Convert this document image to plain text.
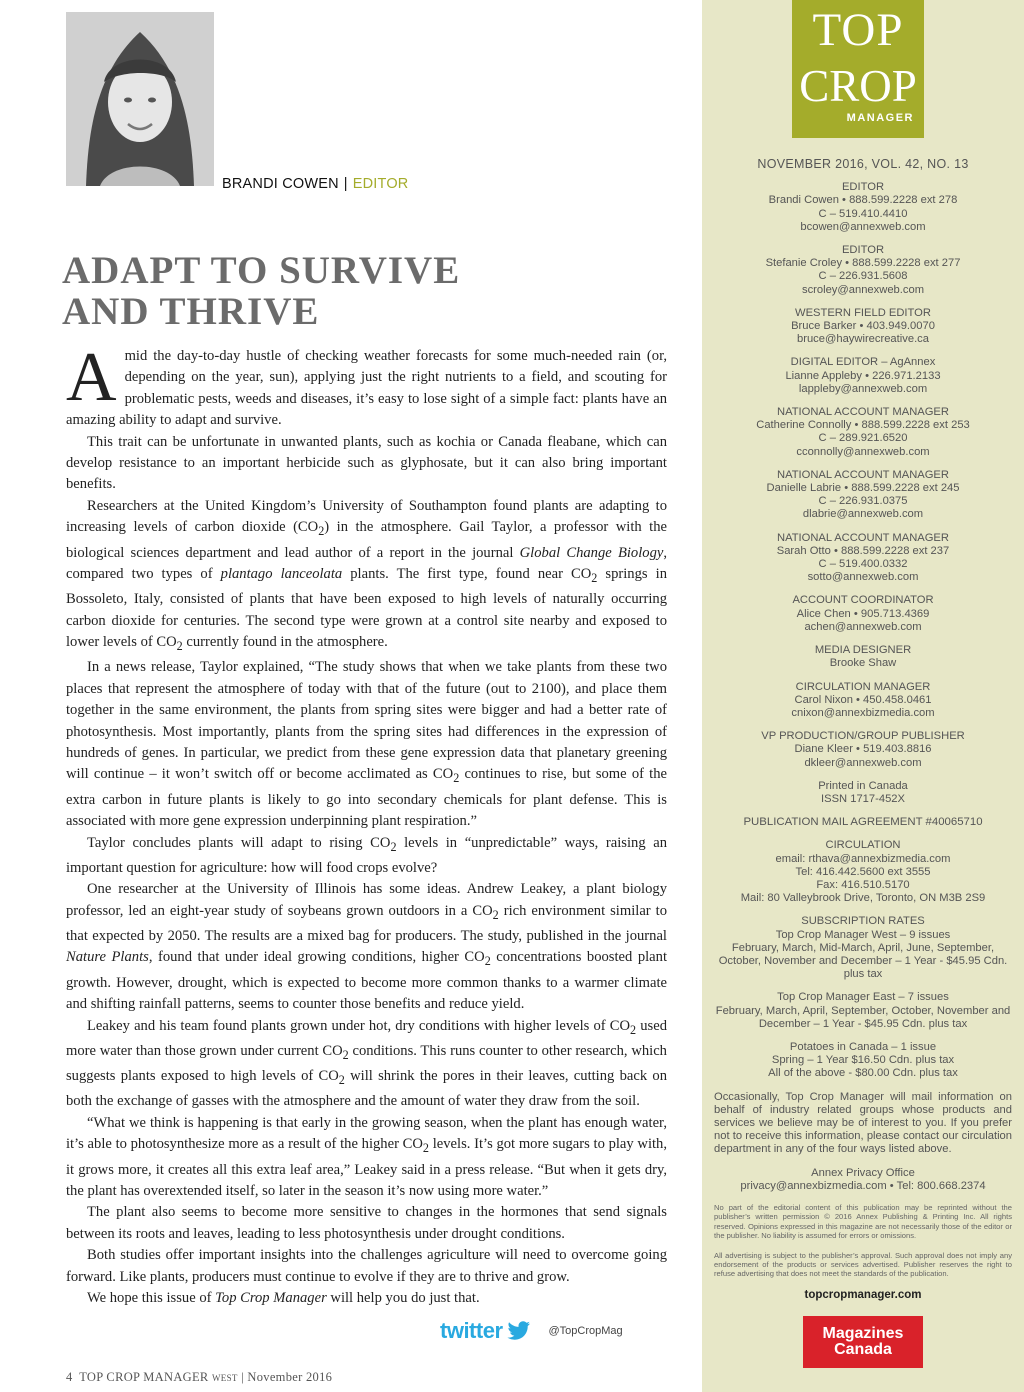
BRANDI COWEN | EDITOR
ADAPT TO SURVIVE
AND THRIVE

Amid the day-to-day hustle of checking weather forecasts for some much-needed rain (or, depending on the year, sun), applying just the right nutrients to a field, and scouting for problematic pests, weeds and diseases, it’s easy to lose sight of a simple fact: plants have an amazing ability to adapt and survive.

This trait can be unfortunate in unwanted plants, such as kochia or Canada fleabane, which can develop resistance to an important herbicide such as glyphosate, but it can also bring important benefits.

Researchers at the United Kingdom’s University of Southampton found plants are adapting to increasing levels of carbon dioxide $(CO_2)$ in the atmosphere. Gail Taylor, a professor with the biological sciences department and lead author of a report in the journal Global Change Biology, compared two types of plantago lanceolata plants. The first type, found near $CO_2$ springs in Bossoleto, Italy, consisted of plants that have been exposed to high levels of naturally occurring carbon dioxide for centuries. The second type were grown at a control site nearby and exposed to lower levels of $CO_2$ currently found in the atmosphere.

In a news release, Taylor explained, “The study shows that when we take plants from these two places that represent the atmosphere of today with that of the future (out to 2100), and place them together in the same environment, the plants from spring sites were bigger and had a better rate of photosynthesis. Most importantly, plants from the spring sites had differences in the expression of hundreds of genes. In particular, we predict from these gene expression data that planetary greening will continue – it won’t switch off or become acclimated as $CO_2$ continues to rise, but some of the extra carbon in future plants is likely to go into secondary chemicals for plant defense. This is associated with more gene expression underpinning plant respiration.”

Taylor concludes plants will adapt to rising $CO_2$ levels in “unpredictable” ways, raising an important question for agriculture: how will food crops evolve?

One researcher at the University of Illinois has some ideas. Andrew Leakey, a plant biology professor, led an eight-year study of soybeans grown outdoors in a $CO_2$ rich environment similar to that expected by 2050. The results are a mixed bag for producers. The study, published in the journal Nature Plants, found that under ideal growing conditions, higher $CO_2$ concentrations boosted plant growth. However, drought, which is expected to become more common thanks to a warmer climate and shifting rainfall patterns, seems to counter those benefits and reduce yield.

Leakey and his team found plants grown under hot, dry conditions with higher levels of $CO_2$ used more water than those grown under current $CO_2$ conditions. This runs counter to other research, which suggests plants exposed to high levels of $CO_2$ will shrink the pores in their leaves, cutting back on both the exchange of gasses with the atmosphere and the amount of water they draw from the soil.

“What we think is happening is that early in the growing season, when the plant has enough water, it’s able to photosynthesize more as a result of the higher $CO_2$ levels. It’s got more sugars to play with, it grows more, it creates all this extra leaf area,” Leakey said in a press release. “But when it gets dry, the plant has overextended itself, so later in the season it’s now using more water.”

The plant also seems to become more sensitive to changes in the hormones that send signals between its roots and leaves, leading to less photosynthesis under drought conditions.

Both studies offer important insights into the challenges agriculture will need to overcome going forward. Like plants, producers must continue to evolve if they are to thrive and grow.

We hope this issue of Top Crop Manager will help you do just that.

twitter	@TopCropMag
4 TOP CROP MANAGER WEST | November 2016
TOP
CROP
MANAGER
NOVEMBER 2016, VOL. 42, NO. 13
EDITOR
Brandi Cowen • 888.599.2228 ext 278
C – 519.410.4410
bcowen@annexweb.com
EDITOR
Stefanie Croley • 888.599.2228 ext 277
C – 226.931.5608
scroley@annexweb.com
WESTERN FIELD EDITOR
Bruce Barker • 403.949.0070
bruce@haywirecreative.ca
DIGITAL EDITOR – AgAnnex
Lianne Appleby • 226.971.2133
lappleby@annexweb.com
NATIONAL ACCOUNT MANAGER
Catherine Connolly • 888.599.2228 ext 253
C – 289.921.6520
cconnolly@annexweb.com
NATIONAL ACCOUNT MANAGER
Danielle Labrie • 888.599.2228 ext 245
C – 226.931.0375
dlabrie@annexweb.com
NATIONAL ACCOUNT MANAGER
Sarah Otto • 888.599.2228 ext 237
C – 519.400.0332
sotto@annexweb.com
ACCOUNT COORDINATOR
Alice Chen • 905.713.4369
achen@annexweb.com
MEDIA DESIGNER
Brooke Shaw
CIRCULATION MANAGER
Carol Nixon • 450.458.0461
cnixon@annexbizmedia.com
VP PRODUCTION/GROUP PUBLISHER
Diane Kleer • 519.403.8816
dkleer@annexweb.com
Printed in Canada
ISSN 1717-452X
PUBLICATION MAIL AGREEMENT #40065710
CIRCULATION
email: rthava@annexbizmedia.com
Tel: 416.442.5600 ext 3555
Fax: 416.510.5170
Mail: 80 Valleybrook Drive, Toronto, ON M3B 2S9
SUBSCRIPTION RATES
Top Crop Manager West – 9 issues
February, March, Mid-March, April, June, September, October, November and December – 1 Year - $45.95 Cdn. plus tax
Top Crop Manager East – 7 issues
February, March, April, September, October, November and December – 1 Year - $45.95 Cdn. plus tax
Potatoes in Canada – 1 issue
Spring – 1 Year $16.50 Cdn. plus tax
All of the above - $80.00 Cdn. plus tax
Occasionally, Top Crop Manager will mail information on behalf of industry related groups whose products and services we believe may be of interest to you. If you prefer not to receive this information, please contact our circulation department in any of the four ways listed above.
Annex Privacy Office
privacy@annexbizmedia.com • Tel: 800.668.2374
No part of the editorial content of this publication may be reprinted without the publisher’s written permission © 2016 Annex Publishing & Printing Inc. All rights reserved. Opinions expressed in this magazine are not necessarily those of the editor or the publisher. No liability is assumed for errors or omissions.
All advertising is subject to the publisher’s approval. Such approval does not imply any endorsement of the products or services advertised. Publisher reserves the right to refuse advertising that does not meet the standards of the publication.
topcropmanager.com
Magazines
Canada
